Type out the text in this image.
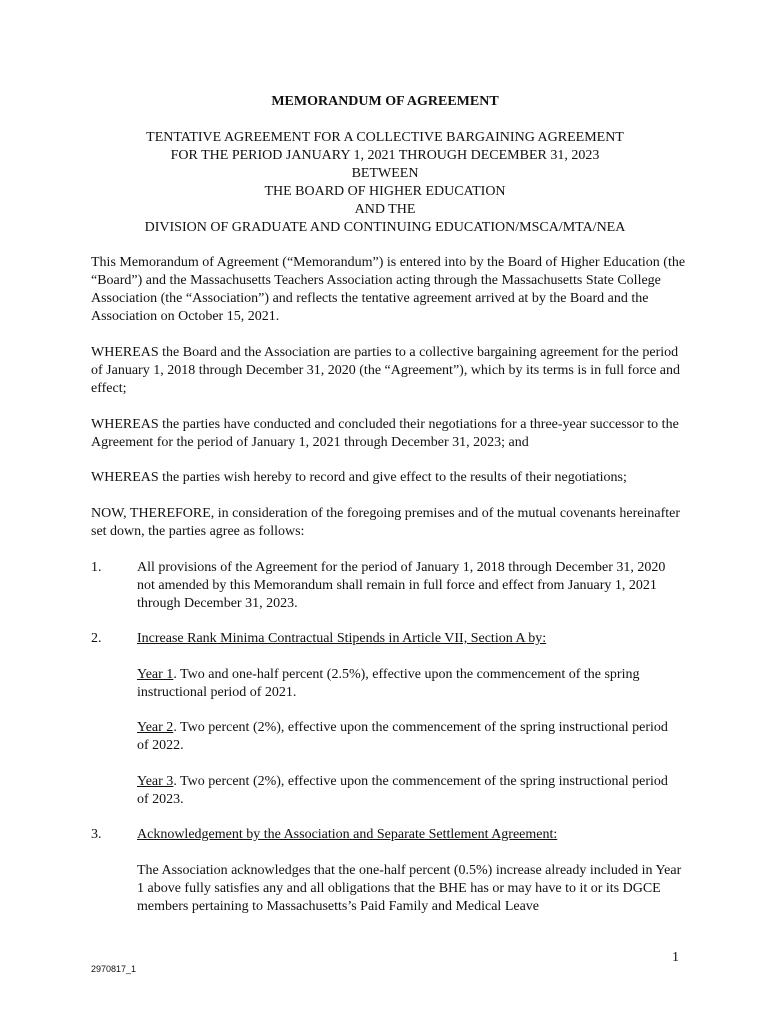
MEMORANDUM OF AGREEMENT
TENTATIVE AGREEMENT FOR A COLLECTIVE BARGAINING AGREEMENT
FOR THE PERIOD JANUARY 1, 2021 THROUGH DECEMBER 31, 2023
BETWEEN
THE BOARD OF HIGHER EDUCATION
AND THE
DIVISION OF GRADUATE AND CONTINUING EDUCATION/MSCA/MTA/NEA

This Memorandum of Agreement (“Memorandum”) is entered into by the Board of Higher Education (the “Board”) and the Massachusetts Teachers Association acting through the Massachusetts State College Association (the “Association”) and reflects the tentative agreement arrived at by the Board and the Association on October 15, 2021.

WHEREAS the Board and the Association are parties to a collective bargaining agreement for the period of January 1, 2018 through December 31, 2020 (the “Agreement”), which by its terms is in full force and effect;

WHEREAS the parties have conducted and concluded their negotiations for a three-year successor to the Agreement for the period of January 1, 2021 through December 31, 2023; and

WHEREAS the parties wish hereby to record and give effect to the results of their negotiations;

NOW, THEREFORE, in consideration of the foregoing premises and of the mutual covenants hereinafter set down, the parties agree as follows:

1.	All provisions of the Agreement for the period of January 1, 2018 through December 31, 2020 not amended by this Memorandum shall remain in full force and effect from January 1, 2021 through December 31, 2023.

2.	Increase Rank Minima Contractual Stipends in Article VII, Section A by:

Year 1. Two and one-half percent (2.5%), effective upon the commencement of the spring instructional period of 2021.

Year 2. Two percent (2%), effective upon the commencement of the spring instructional period of 2022.

Year 3. Two percent (2%), effective upon the commencement of the spring instructional period of 2023.

3.	Acknowledgement by the Association and Separate Settlement Agreement:

The Association acknowledges that the one-half percent (0.5%) increase already included in Year 1 above fully satisfies any and all obligations that the BHE has or may have to it or its DGCE members pertaining to Massachusetts’s Paid Family and Medical Leave

1
2970817_1
